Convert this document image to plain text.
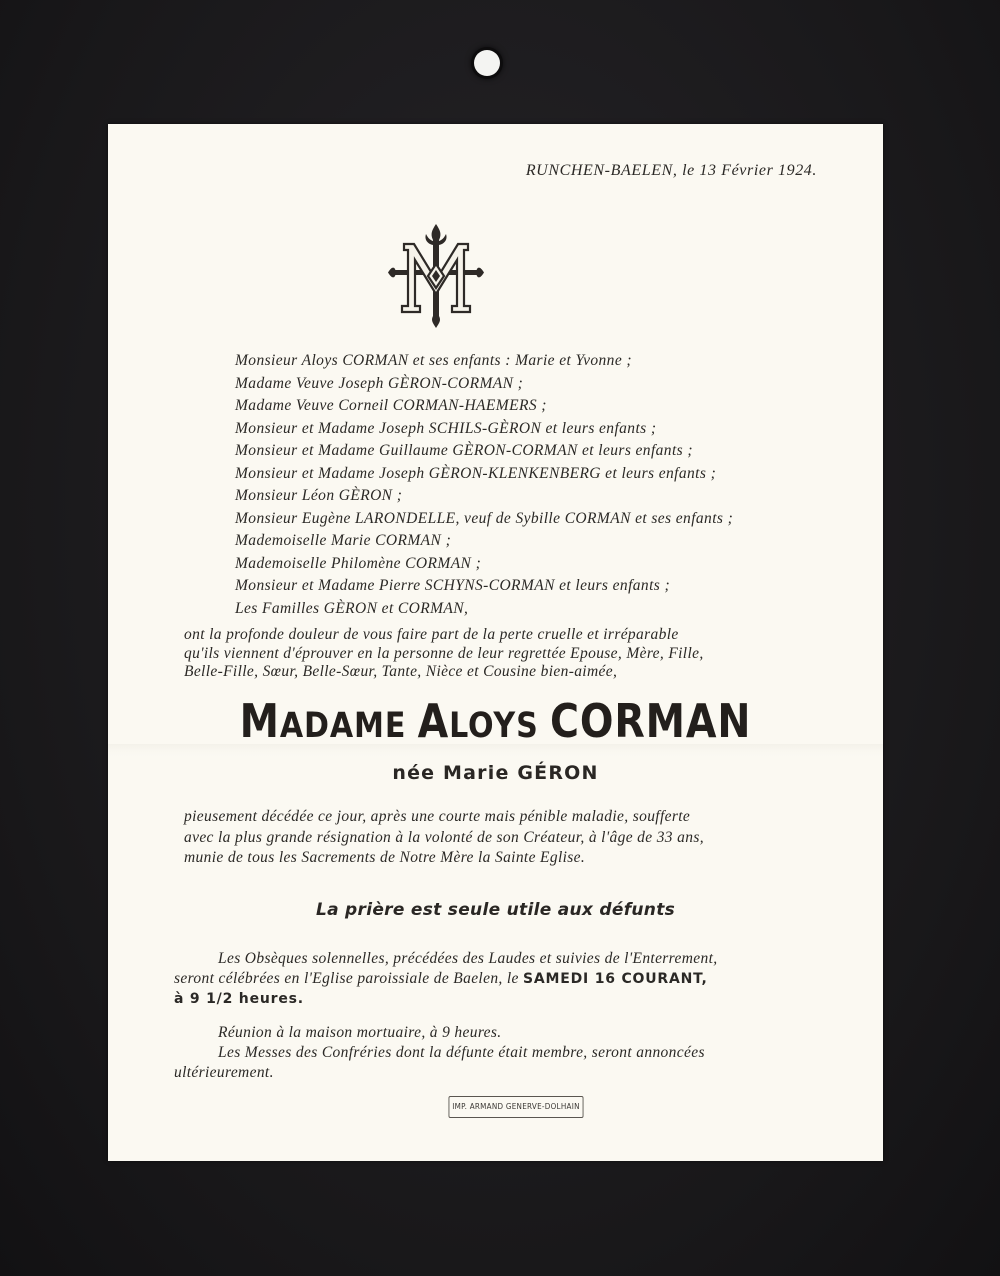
RUNCHEN-BAELEN, le 13 Février 1924.
Monsieur Aloys CORMAN et ses enfants : Marie et Yvonne ;
Madame Veuve Joseph GÈRON-CORMAN ;
Madame Veuve Corneil CORMAN-HAEMERS ;
Monsieur et Madame Joseph SCHILS-GÈRON et leurs enfants ;
Monsieur et Madame Guillaume GÈRON-CORMAN et leurs enfants ;
Monsieur et Madame Joseph GÈRON-KLENKENBERG et leurs enfants ;
Monsieur Léon GÈRON ;
Monsieur Eugène LARONDELLE, veuf de Sybille CORMAN et ses enfants ;
Mademoiselle Marie CORMAN ;
Mademoiselle Philomène CORMAN ;
Monsieur et Madame Pierre SCHYNS-CORMAN et leurs enfants ;
Les Familles GÈRON et CORMAN,
ont la profonde douleur de vous faire part de la perte cruelle et irréparable
qu'ils viennent d'éprouver en la personne de leur regrettée Epouse, Mère, Fille,
Belle-Fille, Sœur, Belle-Sœur, Tante, Nièce et Cousine bien-aimée,
MADAME ALOYS CORMAN
née Marie GÉRON
pieusement décédée ce jour, après une courte mais pénible maladie, soufferte
avec la plus grande résignation à la volonté de son Créateur, à l'âge de 33 ans,
munie de tous les Sacrements de Notre Mère la Sainte Eglise.
La prière est seule utile aux défunts
Les Obsèques solennelles, précédées des Laudes et suivies de l'Enterrement,
seront célébrées en l'Eglise paroissiale de Baelen, le SAMEDI 16 COURANT,
à 9 1/2 heures.
Réunion à la maison mortuaire, à 9 heures.
Les Messes des Confréries dont la défunte était membre, seront annoncées
ultérieurement.
IMP. ARMAND GENERVE-DOLHAIN
